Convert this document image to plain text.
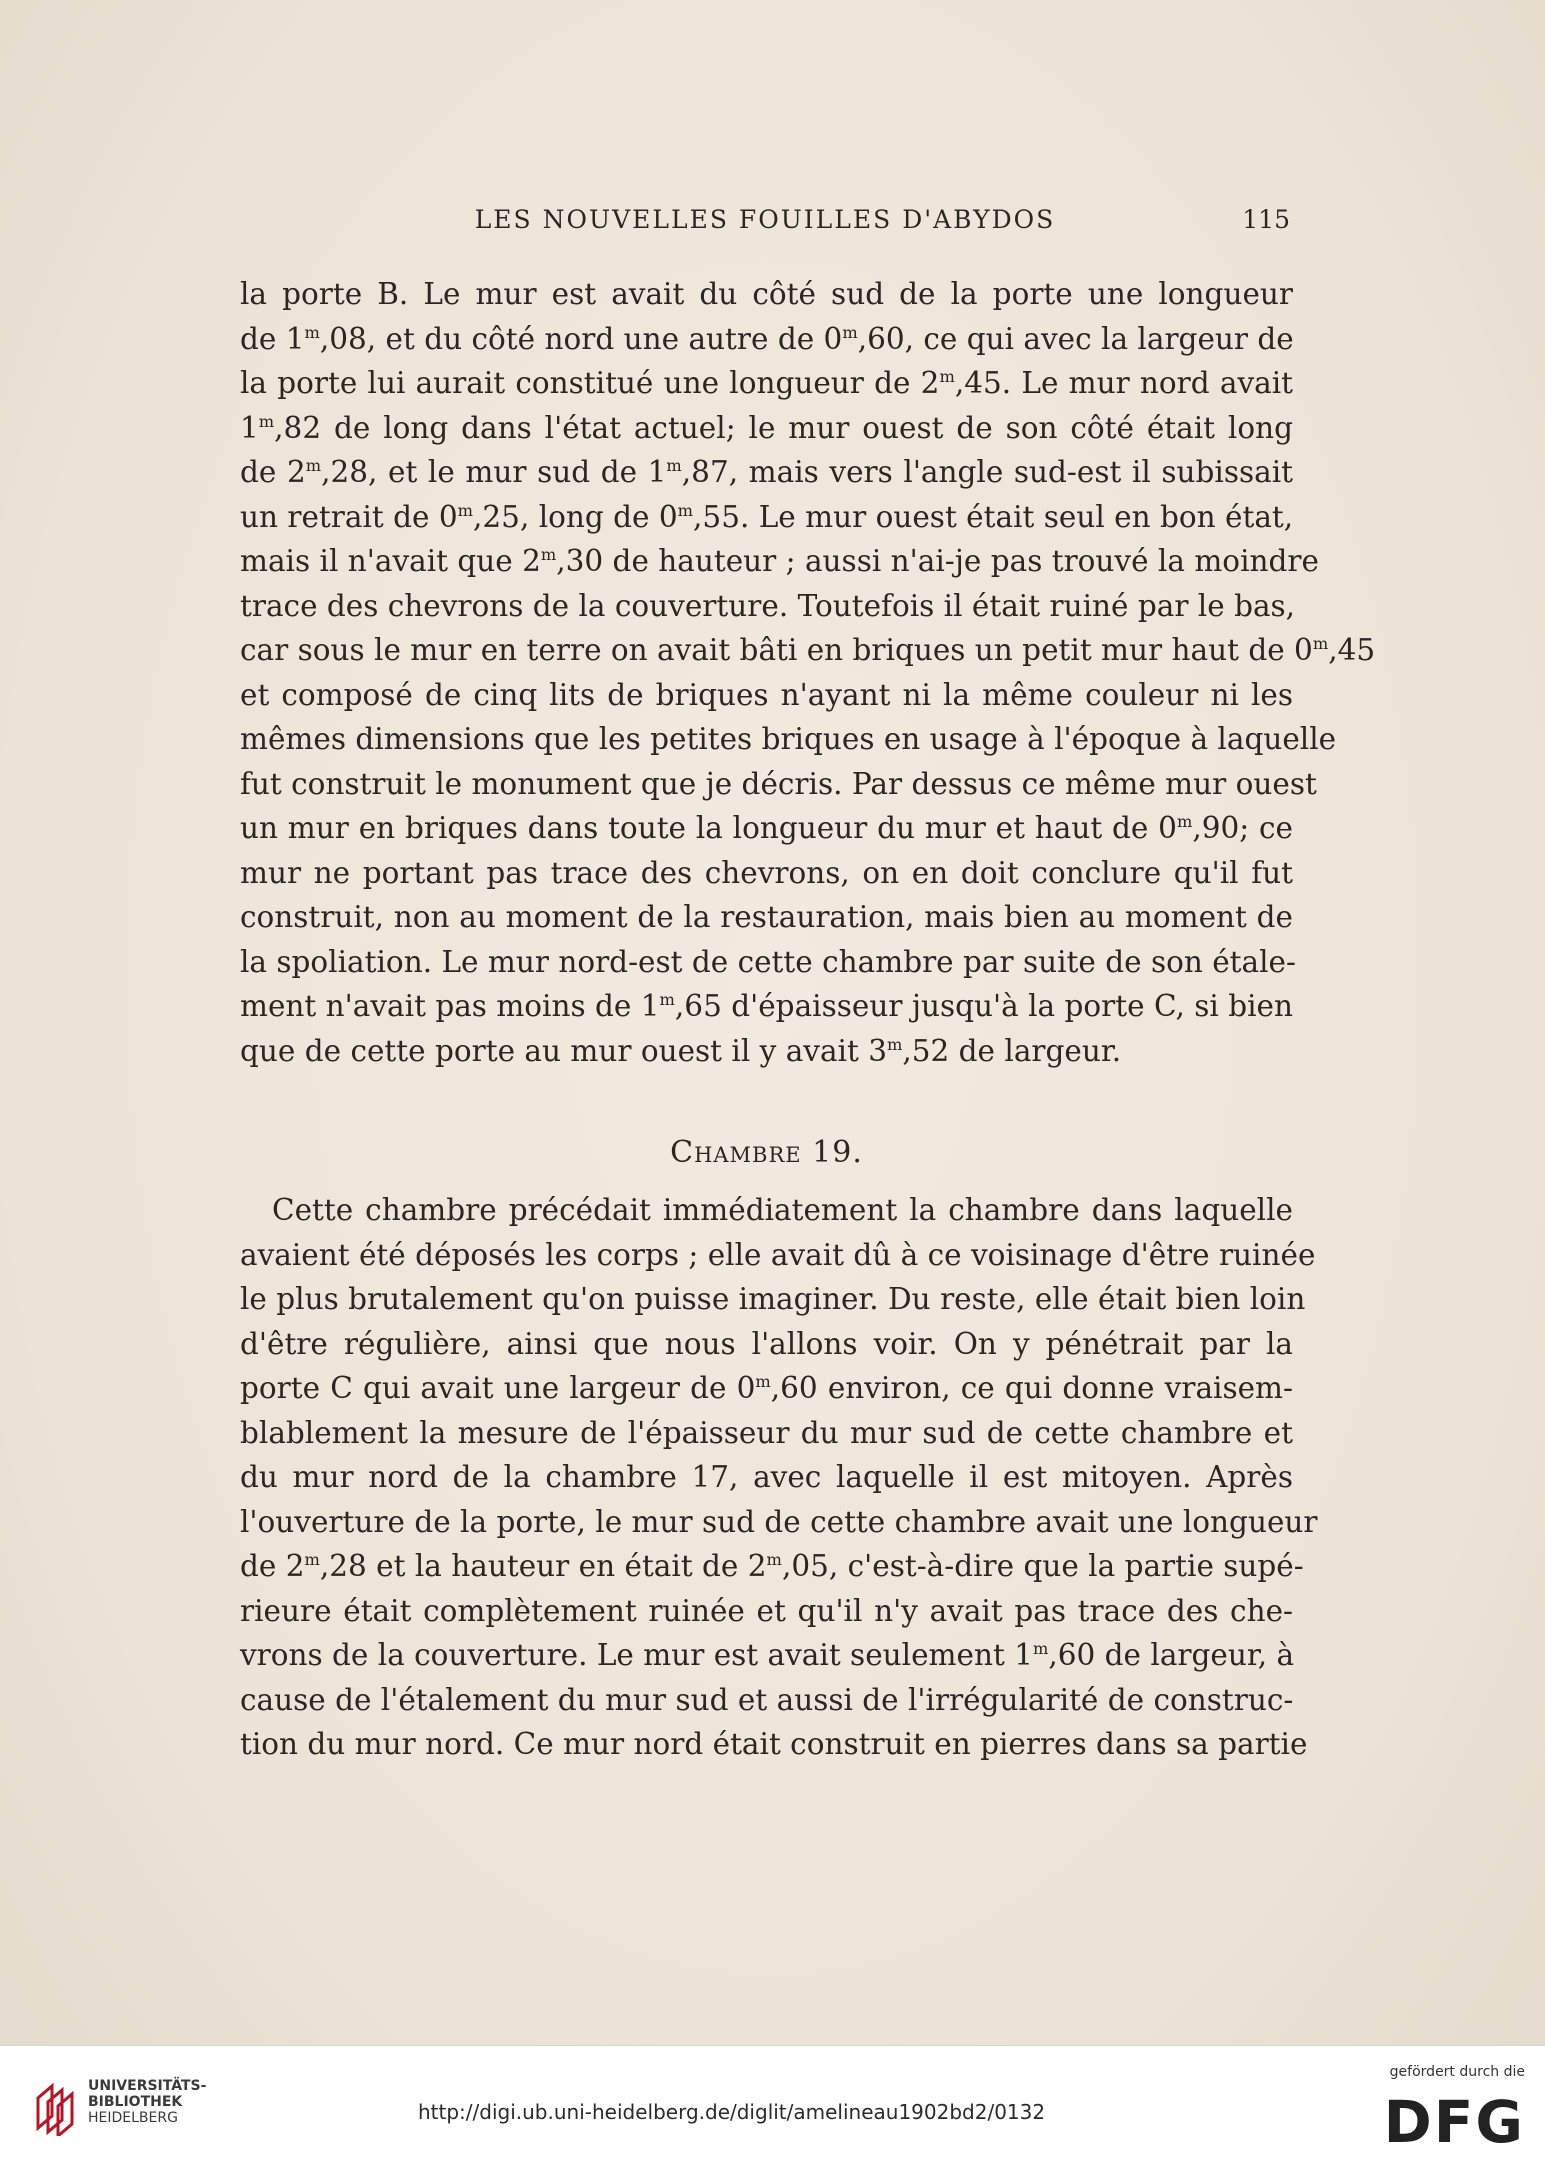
LES NOUVELLES FOUILLES D'ABYDOS	115
la porte B. Le mur est avait du côté sud de la porte une longueur
de 1$^m$,08, et du côté nord une autre de 0$^m$,60, ce qui avec la largeur de
la porte lui aurait constitué une longueur de 2$^m$,45. Le mur nord avait
1$^m$,82 de long dans l'état actuel; le mur ouest de son côté était long
de 2$^m$,28, et le mur sud de 1$^m$,87, mais vers l'angle sud-est il subissait
un retrait de 0$^m$,25, long de 0$^m$,55. Le mur ouest était seul en bon état,
mais il n'avait que 2$^m$,30 de hauteur ; aussi n'ai-je pas trouvé la moindre
trace des chevrons de la couverture. Toutefois il était ruiné par le bas,
car sous le mur en terre on avait bâti en briques un petit mur haut de 0$^m$,45
et composé de cinq lits de briques n'ayant ni la même couleur ni les
mêmes dimensions que les petites briques en usage à l'époque à laquelle
fut construit le monument que je décris. Par dessus ce même mur ouest
un mur en briques dans toute la longueur du mur et haut de 0$^m$,90; ce
mur ne portant pas trace des chevrons, on en doit conclure qu'il fut
construit, non au moment de la restauration, mais bien au moment de
la spoliation. Le mur nord-est de cette chambre par suite de son étale-
ment n'avait pas moins de 1$^m$,65 d'épaisseur jusqu'à la porte C, si bien
que de cette porte au mur ouest il y avait 3$^m$,52 de largeur.
Chambre 19.
Cette chambre précédait immédiatement la chambre dans laquelle
avaient été déposés les corps ; elle avait dû à ce voisinage d'être ruinée
le plus brutalement qu'on puisse imaginer. Du reste, elle était bien loin
d'être régulière, ainsi que nous l'allons voir. On y pénétrait par la
porte C qui avait une largeur de 0$^m$,60 environ, ce qui donne vraisem-
blablement la mesure de l'épaisseur du mur sud de cette chambre et
du mur nord de la chambre 17, avec laquelle il est mitoyen. Après
l'ouverture de la porte, le mur sud de cette chambre avait une longueur
de 2$^m$,28 et la hauteur en était de 2$^m$,05, c'est-à-dire que la partie supé-
rieure était complètement ruinée et qu'il n'y avait pas trace des che-
vrons de la couverture. Le mur est avait seulement 1$^m$,60 de largeur, à
cause de l'étalement du mur sud et aussi de l'irrégularité de construc-
tion du mur nord. Ce mur nord était construit en pierres dans sa partie
UNIVERSITÄTS-
BIBLIOTHEK
HEIDELBERG	http://digi.ub.uni-heidelberg.de/diglit/amelineau1902bd2/0132
gefördert durch die
DFG
